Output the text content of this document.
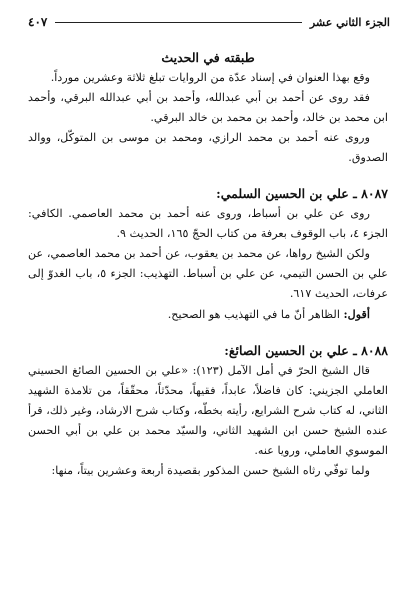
الجزء الثاني عشر
٤٠٧

طبقته في الحديث

وقع بهذا العنوان في إسناد عدّة من الروايات تبلغ ثلاثة وعشرين مورداً.

فقد روى عن أحمد بن أبي عبدالله، وأحمد بن أبي عبدالله البرقي، وأحمد ابن محمد بن خالد، وأحمد بن محمد بن خالد البرقي.

وروى عنه أحمد بن محمد الرازي، ومحمد بن موسى بن المتوكّل، ووالد الصدوق.

٨٠٨٧ ـ علي بن الحسين السلمي:

روى عن علي بن أسباط، وروى عنه أحمد بن محمد العاصمي. الكافي: الجزء ٤، باب الوقوف بعرفة من كتاب الحجّ ١٦٥، الحديث ٩.

ولكن الشيخ رواها، عن محمد بن يعقوب، عن أحمد بن محمد العاصمي، عن علي بن الحسن التيمي، عن علي بن أسباط. التهذيب: الجزء ٥، باب الغدوّ إلى عرفات، الحديث ٦١٧.

أقول: الظاهر أنّ ما في التهذيب هو الصحيح.

٨٠٨٨ ـ علي بن الحسين الصائغ:

قال الشيخ الحرّ في أمل الآمل (١٢٣): «علي بن الحسين الصائغ الحسيني العاملي الجزيني: كان فاضلاً، عابداً، فقيهاً، محدّثاً، محقّقاً، من تلامذة الشهيد الثاني، له كتاب شرح الشرايع، رأيته بخطّه، وكتاب شرح الارشاد، وغير ذلك، قرأ عنده الشيخ حسن ابن الشهيد الثاني، والسيّد محمد بن علي بن أبي الحسن الموسوي العاملي، ورويا عنه.

ولما توفّي رثاه الشيخ حسن المذكور بقصيدة أربعة وعشرين بيتاً، منها:
